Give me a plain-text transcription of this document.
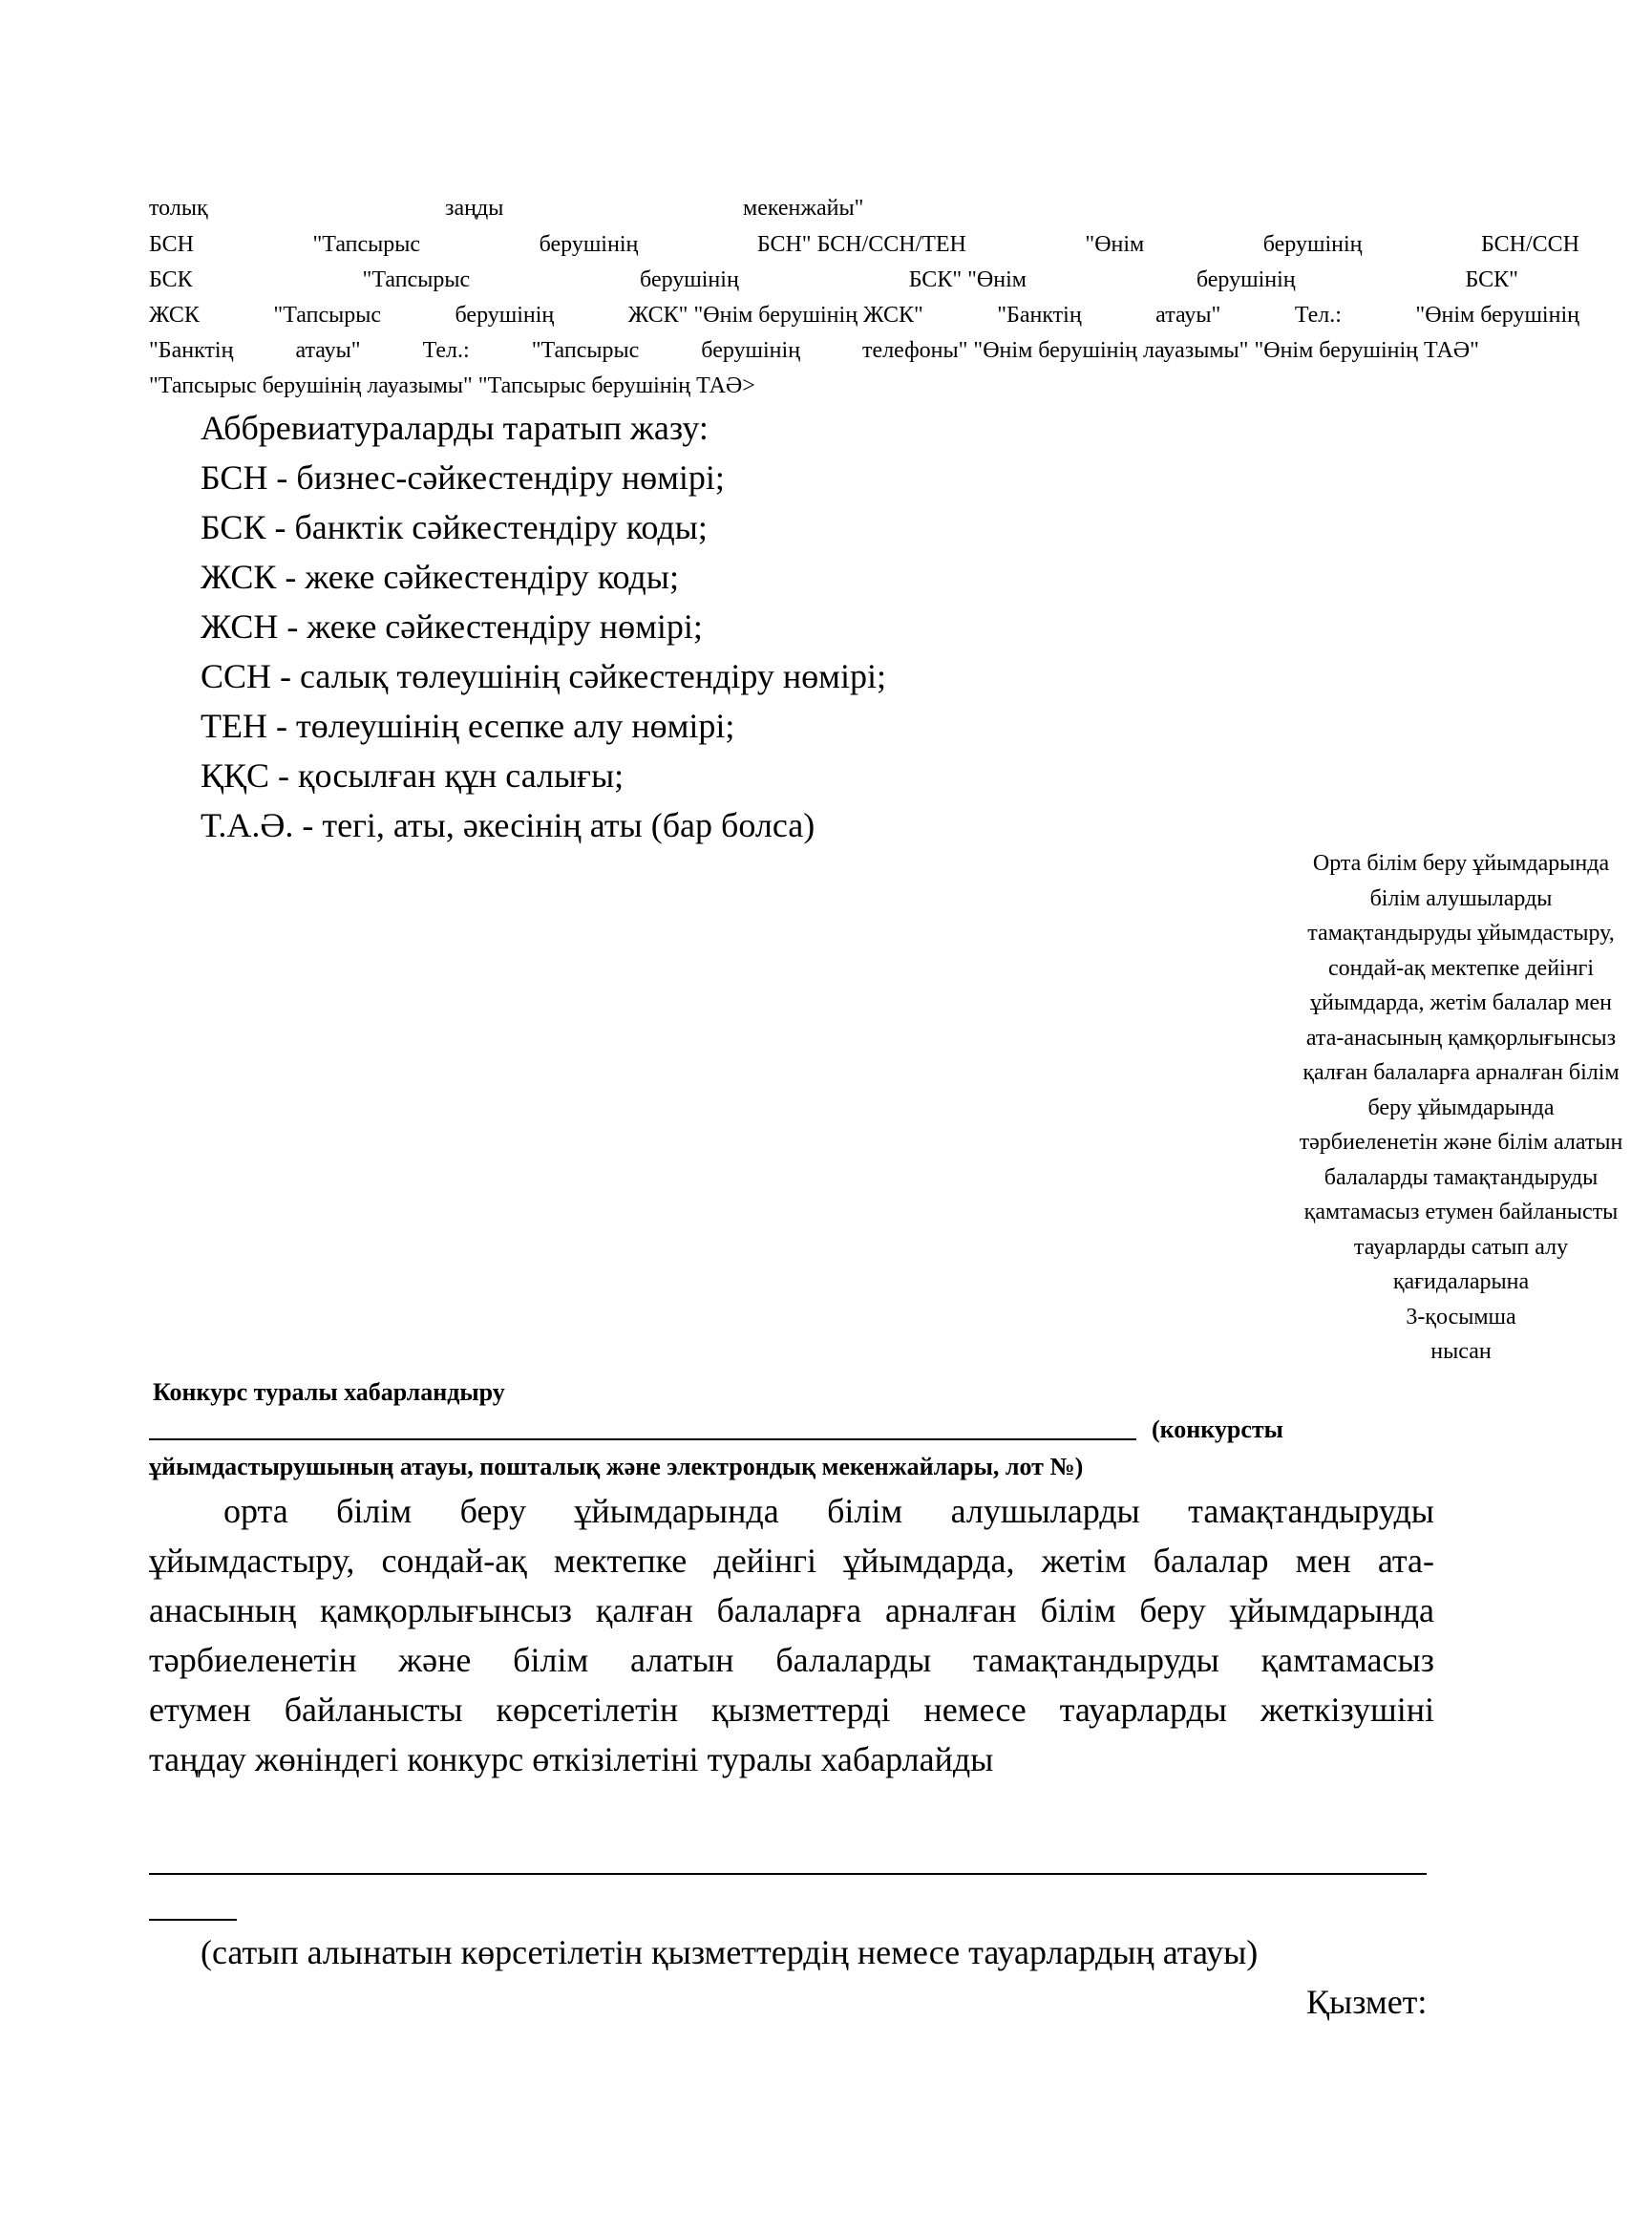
толық	заңды	мекенжайы"
БСН	"Тапсырыс	берушінің	БСН" БСН/ССН/ТЕН	"Өнім	берушінің	БСН/ССН
БСК	"Тапсырыс	берушінің	БСК" "Өнім	берушінің	БСК"
ЖСК	"Тапсырыс	берушінің	ЖСК" "Өнім берушінің ЖСК"	"Банктің	атауы"	Тел.:	"Өнім берушінің
"Банктің	атауы"	Тел.:	"Тапсырыс	берушінің	телефоны" "Өнім берушінің лауазымы" "Өнім берушінің ТАӘ"
"Тапсырыс берушінің лауазымы" "Тапсырыс берушінің ТАӘ>
Аббревиатураларды таратып жазу:
БСН - бизнес-сәйкестендіру нөмірі;
БСК - банктік сәйкестендіру коды;
ЖСК - жеке сәйкестендіру коды;
ЖСН - жеке сәйкестендіру нөмірі;
ССН - салық төлеушінің сәйкестендіру нөмірі;
ТЕН - төлеушінің есепке алу нөмірі;
ҚҚС - қосылған құн салығы;
Т.А.Ә. - тегі, аты, әкесінің аты (бар болса)
Орта білім беру ұйымдарында
білім алушыларды
тамақтандыруды ұйымдастыру,
сондай-ақ мектепке дейінгі
ұйымдарда, жетім балалар мен
ата-анасының қамқорлығынсыз
қалған балаларға арналған білім
беру ұйымдарында
тәрбиеленетін және білім алатын
балаларды тамақтандыруды
қамтамасыз етумен байланысты
тауарларды сатып алу
қағидаларына
3-қосымша
нысан
Конкурс туралы хабарландыру
(конкурсты
ұйымдастырушының атауы, пошталық және электрондық мекенжайлары, лот №)
орта білім беру ұйымдарында білім алушыларды тамақтандыруды
ұйымдастыру, сондай-ақ мектепке дейінгі ұйымдарда, жетім балалар мен ата-
анасының қамқорлығынсыз қалған балаларға арналған білім беру ұйымдарында
тәрбиеленетін және білім алатын балаларды тамақтандыруды қамтамасыз
етумен байланысты көрсетілетін қызметтерді немесе тауарларды жеткізушіні
таңдау жөніндегі конкурс өткізілетіні туралы хабарлайды
(сатып алынатын көрсетілетін қызметтердің немесе тауарлардың атауы)
Қызмет:
